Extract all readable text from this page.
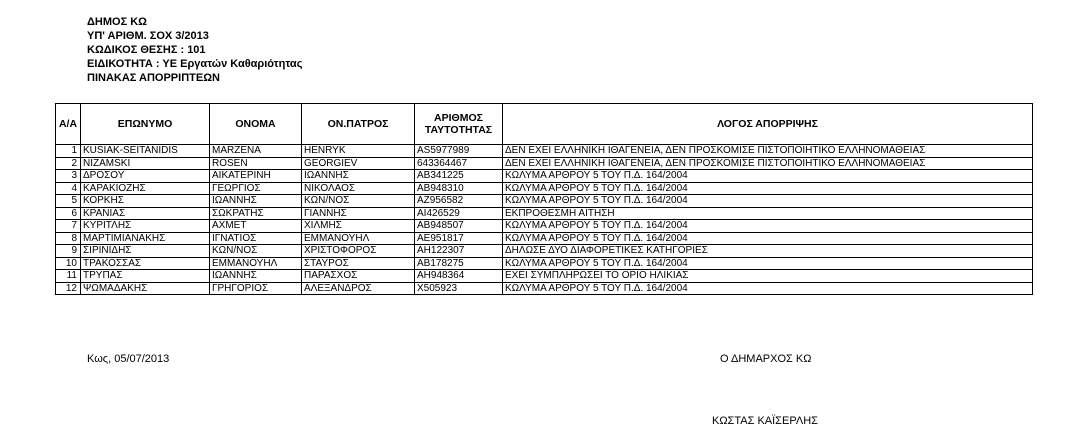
ΔΗΜΟΣ ΚΩ
ΥΠ' ΑΡΙΘΜ. ΣΟΧ 3/2013
ΚΩΔΙΚΟΣ ΘΕΣΗΣ : 101
ΕΙΔΙΚΟΤΗΤΑ : ΥΕ Εργατών Καθαριότητας
ΠΙΝΑΚΑΣ ΑΠΟΡΡΙΠΤΕΩΝ
Α/Α	ΕΠΩΝΥΜΟ	ΟΝΟΜΑ	ΟΝ.ΠΑΤΡΟΣ	ΑΡΙΘΜΟΣ ΤΑΥΤΟΤΗΤΑΣ	ΛΟΓΟΣ ΑΠΟΡΡΙΨΗΣ
1	KUSIAK-SEITANIDIS	MARZENA	HENRYK	AS5977989	ΔΕΝ ΕΧΕΙ ΕΛΛΗΝΙΚΗ ΙΘΑΓΕΝΕΙΑ, ΔΕΝ ΠΡΟΣΚΟΜΙΣΕ ΠΙΣΤΟΠΟΙΗΤΙΚΟ ΕΛΛΗΝΟΜΑΘΕΙΑΣ
2	NIZAMSKI	ROSEN	GEORGIEV	643364467	ΔΕΝ ΕΧΕΙ ΕΛΛΗΝΙΚΗ ΙΘΑΓΕΝΕΙΑ, ΔΕΝ ΠΡΟΣΚΟΜΙΣΕ ΠΙΣΤΟΠΟΙΗΤΙΚΟ ΕΛΛΗΝΟΜΑΘΕΙΑΣ
3	ΔΡΟΣΟΥ	ΑΙΚΑΤΕΡΙΝΗ	ΙΩΑΝΝΗΣ	ΑΒ341225	ΚΩΛΥΜΑ ΑΡΘΡΟΥ 5 ΤΟΥ Π.Δ. 164/2004
4	ΚΑΡΑΚΙΟΖΗΣ	ΓΕΩΡΓΙΟΣ	ΝΙΚΟΛΑΟΣ	ΑΒ948310	ΚΩΛΥΜΑ ΑΡΘΡΟΥ 5 ΤΟΥ Π.Δ. 164/2004
5	ΚΟΡΚΗΣ	ΙΩΑΝΝΗΣ	ΚΩΝ/ΝΟΣ	ΑΖ956582	ΚΩΛΥΜΑ ΑΡΘΡΟΥ 5 ΤΟΥ Π.Δ. 164/2004
6	ΚΡΑΝΙΑΣ	ΣΩΚΡΑΤΗΣ	ΓΙΑΝΝΗΣ	ΑΙ426529	ΕΚΠΡΟΘΕΣΜΗ ΑΙΤΗΣΗ
7	ΚΥΡΙΤΛΗΣ	ΑΧΜΕΤ	ΧΙΛΜΗΣ	ΑΒ948507	ΚΩΛΥΜΑ ΑΡΘΡΟΥ 5 ΤΟΥ Π.Δ. 164/2004
8	ΜΑΡΤΙΜΙΑΝΑΚΗΣ	ΙΓΝΑΤΙΟΣ	ΕΜΜΑΝΟΥΗΛ	ΑΕ951817	ΚΩΛΥΜΑ ΑΡΘΡΟΥ 5 ΤΟΥ Π.Δ. 164/2004
9	ΣΙΡΙΝΙΔΗΣ	ΚΩΝ/ΝΟΣ	ΧΡΙΣΤΟΦΟΡΟΣ	ΑΗ122307	ΔΗΛΩΣΕ ΔΥΟ ΔΙΑΦΟΡΕΤΙΚΕΣ ΚΑΤΗΓΟΡΙΕΣ
10	ΤΡΑΚΟΣΣΑΣ	ΕΜΜΑΝΟΥΗΛ	ΣΤΑΥΡΟΣ	ΑΒ178275	ΚΩΛΥΜΑ ΑΡΘΡΟΥ 5 ΤΟΥ Π.Δ. 164/2004
11	ΤΡΥΠΑΣ	ΙΩΑΝΝΗΣ	ΠΑΡΑΣΧΟΣ	ΑΗ948364	ΕΧΕΙ ΣΥΜΠΛΗΡΩΣΕΙ ΤΟ ΟΡΙΟ ΗΛΙΚΙΑΣ
12	ΨΩΜΑΔΑΚΗΣ	ΓΡΗΓΟΡΙΟΣ	ΑΛΕΞΑΝΔΡΟΣ	Χ505923	ΚΩΛΥΜΑ ΑΡΘΡΟΥ 5 ΤΟΥ Π.Δ. 164/2004
Κως, 05/07/2013	Ο ΔΗΜΑΡΧΟΣ ΚΩ
ΚΩΣΤΑΣ ΚΑΪΣΕΡΛΗΣ
